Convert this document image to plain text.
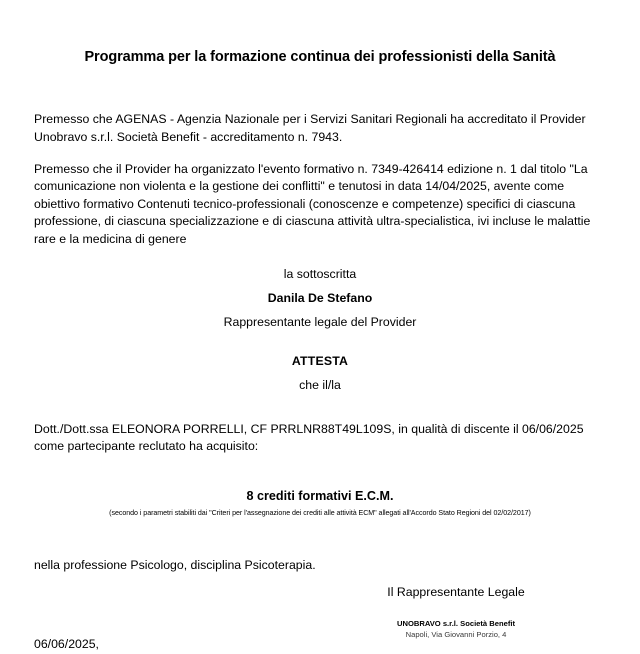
Programma per la formazione continua dei professionisti della Sanità

Premesso che AGENAS - Agenzia Nazionale per i Servizi Sanitari Regionali ha accreditato il Provider Unobravo s.r.l. Società Benefit - accreditamento n. 7943.

Premesso che il Provider ha organizzato l'evento formativo n. 7349-426414 edizione n. 1 dal titolo "La comunicazione non violenta e la gestione dei conflitti" e tenutosi in data 14/04/2025, avente come obiettivo formativo Contenuti tecnico-professionali (conoscenze e competenze) specifici di ciascuna professione, di ciascuna specializzazione e di ciascuna attività ultra-specialistica, ivi incluse le malattie rare e la medicina di genere

la sottoscritta
Danila De Stefano
Rappresentante legale del Provider
ATTESTA
che il/la
Dott./Dott.ssa ELEONORA PORRELLI, CF PRRLNR88T49L109S, in qualità di discente il 06/06/2025
come partecipante reclutato ha acquisito:
8 crediti formativi E.C.M.
(secondo i parametri stabiliti dai "Criteri per l'assegnazione dei crediti alle attività ECM" allegati all'Accordo Stato Regioni del 02/02/2017)
nella professione Psicologo, disciplina Psicoterapia.
06/06/2025,
Il Rappresentante Legale
UNOBRAVO s.r.l. Società Benefit
Napoli, Via Giovanni Porzio, 4
